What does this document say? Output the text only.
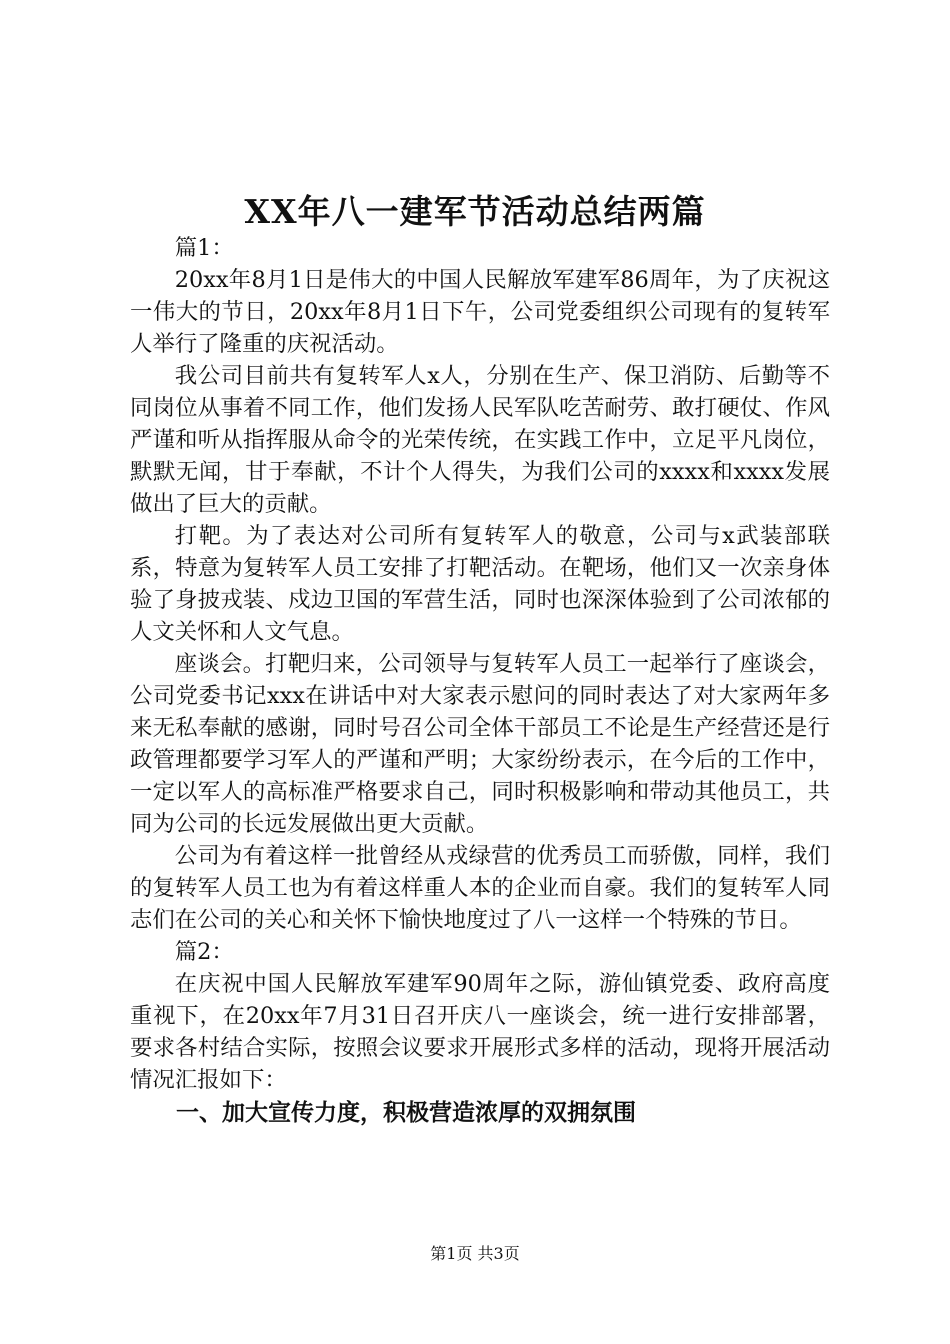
XX年八一建军节活动总结两篇

篇1：

20xx年8月1日是伟大的中国人民解放军建军86周年，为了庆祝这一伟大的节日，20xx年8月1日下午，公司党委组织公司现有的复转军人举行了隆重的庆祝活动。

我公司目前共有复转军人x人，分别在生产、保卫消防、后勤等不同岗位从事着不同工作，他们发扬人民军队吃苦耐劳、敢打硬仗、作风严谨和听从指挥服从命令的光荣传统，在实践工作中，立足平凡岗位，默默无闻，甘于奉献，不计个人得失，为我们公司的xxxx和xxxx发展做出了巨大的贡献。

打靶。为了表达对公司所有复转军人的敬意，公司与x武装部联系，特意为复转军人员工安排了打靶活动。在靶场，他们又一次亲身体验了身披戎装、戍边卫国的军营生活，同时也深深体验到了公司浓郁的人文关怀和人文气息。

座谈会。打靶归来，公司领导与复转军人员工一起举行了座谈会，公司党委书记xxx在讲话中对大家表示慰问的同时表达了对大家两年多来无私奉献的感谢，同时号召公司全体干部员工不论是生产经营还是行政管理都要学习军人的严谨和严明；大家纷纷表示，在今后的工作中，一定以军人的高标准严格要求自己，同时积极影响和带动其他员工，共同为公司的长远发展做出更大贡献。

公司为有着这样一批曾经从戎绿营的优秀员工而骄傲，同样，我们的复转军人员工也为有着这样重人本的企业而自豪。我们的复转军人同志们在公司的关心和关怀下愉快地度过了八一这样一个特殊的节日。

篇2：

在庆祝中国人民解放军建军90周年之际，游仙镇党委、政府高度重视下，在20xx年7月31日召开庆八一座谈会，统一进行安排部署，要求各村结合实际，按照会议要求开展形式多样的活动，现将开展活动情况汇报如下：

一、加大宣传力度，积极营造浓厚的双拥氛围

第1页 共3页
